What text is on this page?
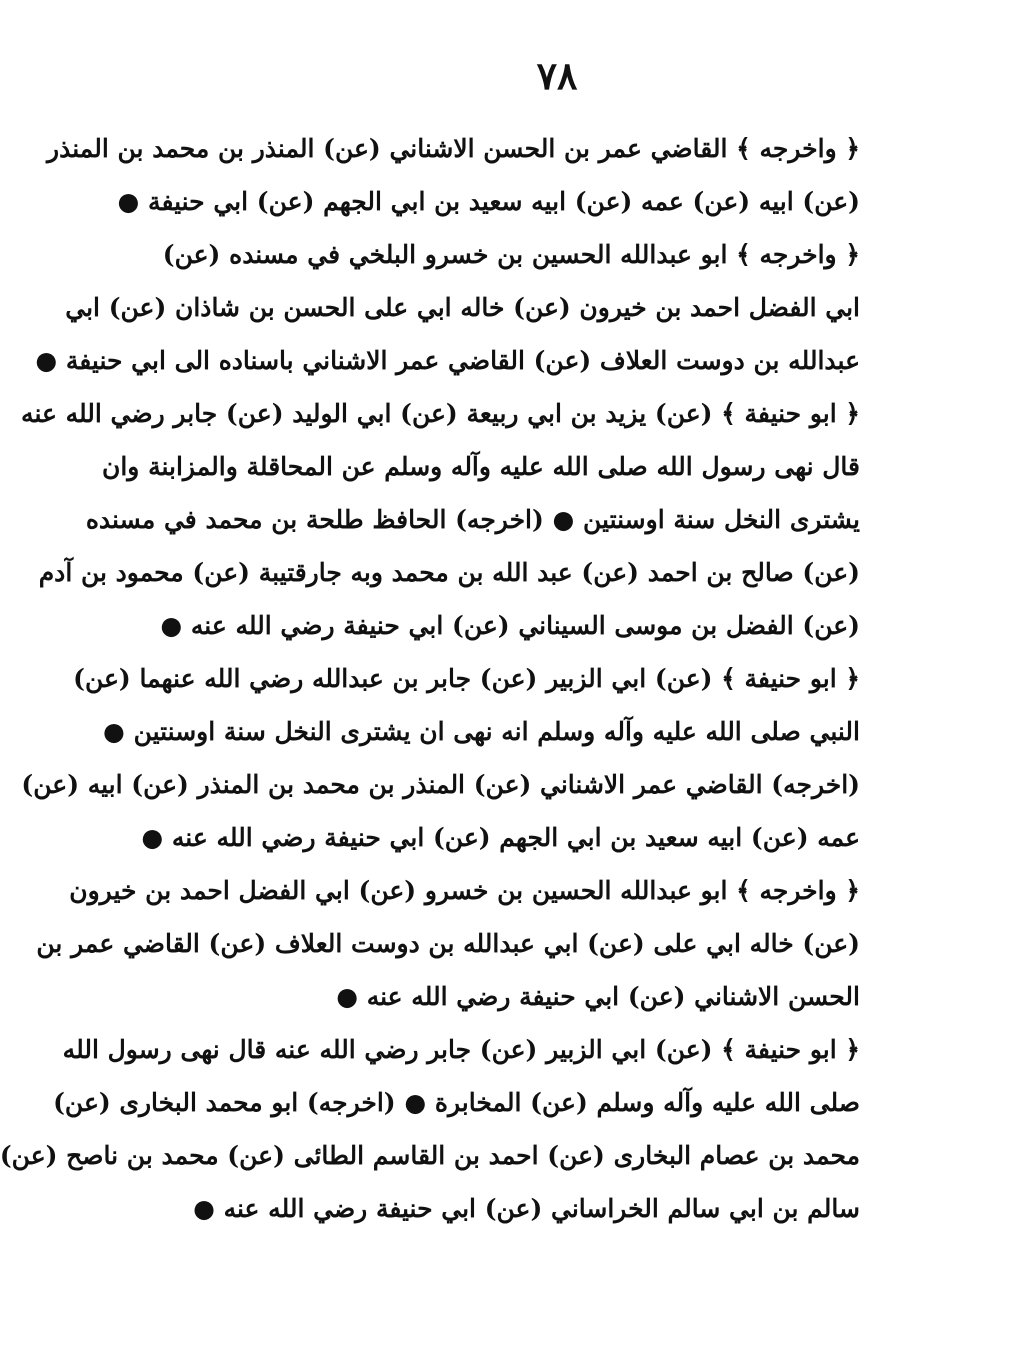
٧٨
﴿ واخرجه ﴾ القاضي عمر بن الحسن الاشناني (عن) المنذر بن محمد بن المنذر
(عن) ابيه (عن) عمه (عن) ابيه سعيد بن ابي الجهم (عن) ابي حنيفة ●
﴿ واخرجه ﴾ ابو عبدالله الحسين بن خسرو البلخي في مسنده (عن)
ابي الفضل احمد بن خيرون (عن) خاله ابي على الحسن بن شاذان (عن) ابي
عبدالله بن دوست العلاف (عن) القاضي عمر الاشناني باسناده الى ابي حنيفة ●
﴿ ابو حنيفة ﴾ (عن) يزيد بن ابي ربيعة (عن) ابي الوليد (عن) جابر رضي الله عنه
قال نهى رسول الله صلى الله عليه وآله وسلم عن المحاقلة والمزابنة وان
يشترى النخل سنة اوسنتين ● (اخرجه) الحافظ طلحة بن محمد في مسنده
(عن) صالح بن احمد (عن) عبد الله بن محمد وبه جارقتيبة (عن) محمود بن آدم
(عن) الفضل بن موسى السيناني (عن) ابي حنيفة رضي الله عنه ●
﴿ ابو حنيفة ﴾ (عن) ابي الزبير (عن) جابر بن عبدالله رضي الله عنهما (عن)
النبي صلى الله عليه وآله وسلم انه نهى ان يشترى النخل سنة اوسنتين ●
(اخرجه) القاضي عمر الاشناني (عن) المنذر بن محمد بن المنذر (عن) ابيه (عن)
عمه (عن) ابيه سعيد بن ابي الجهم (عن) ابي حنيفة رضي الله عنه ●
﴿ واخرجه ﴾ ابو عبدالله الحسين بن خسرو (عن) ابي الفضل احمد بن خيرون
(عن) خاله ابي على (عن) ابي عبدالله بن دوست العلاف (عن) القاضي عمر بن
الحسن الاشناني (عن) ابي حنيفة رضي الله عنه ●
﴿ ابو حنيفة ﴾ (عن) ابي الزبير (عن) جابر رضي الله عنه قال نهى رسول الله
صلى الله عليه وآله وسلم (عن) المخابرة ● (اخرجه) ابو محمد البخارى (عن)
محمد بن عصام البخارى (عن) احمد بن القاسم الطائى (عن) محمد بن ناصح (عن)
سالم بن ابي سالم الخراساني (عن) ابي حنيفة رضي الله عنه ●
